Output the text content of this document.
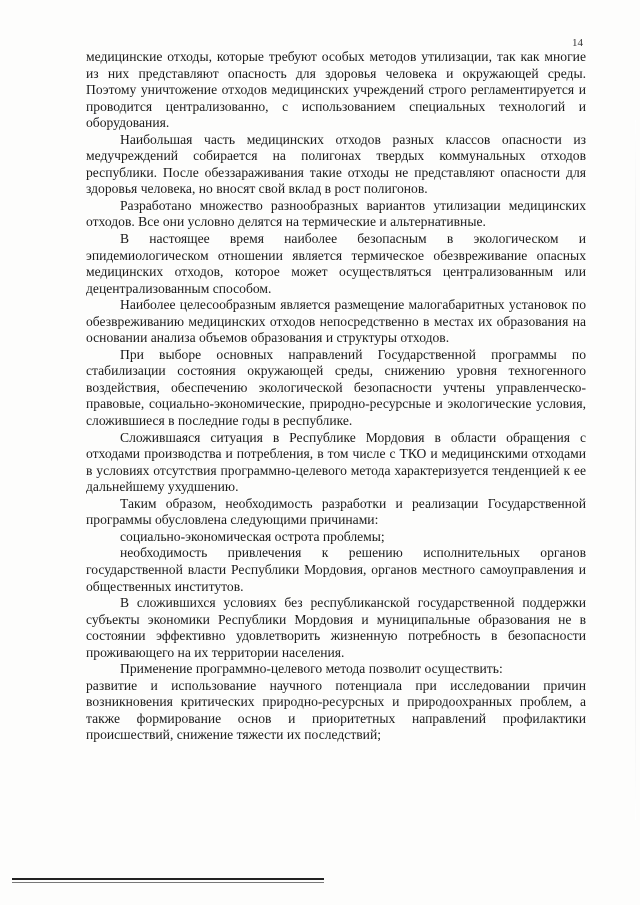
14

медицинские отходы, которые требуют особых методов утилизации, так как многие из них представляют опасность для здоровья человека и окружающей среды. Поэтому уничтожение отходов медицинских учреждений строго регламентируется и проводится централизованно, с использованием специальных технологий и оборудования.

Наибольшая часть медицинских отходов разных классов опасности из медучреждений собирается на полигонах твердых коммунальных отходов республики. После обеззараживания такие отходы не представляют опасности для здоровья человека, но вносят свой вклад в рост полигонов.

Разработано множество разнообразных вариантов утилизации медицинских отходов. Все они условно делятся на термические и альтернативные.

В настоящее время наиболее безопасным в экологическом и эпидемиологическом отношении является термическое обезвреживание опасных медицинских отходов, которое может осуществляться централизованным или децентрализованным способом.

Наиболее целесообразным является размещение малогабаритных установок по обезвреживанию медицинских отходов непосредственно в местах их образования на основании анализа объемов образования и структуры отходов.

При выборе основных направлений Государственной программы по стабилизации состояния окружающей среды, снижению уровня техногенного воздействия, обеспечению экологической безопасности учтены управленческо-правовые, социально-экономические, природно-ресурсные и экологические условия, сложившиеся в последние годы в республике.

Сложившаяся ситуация в Республике Мордовия в области обращения с отходами производства и потребления, в том числе с ТКО и медицинскими отходами в условиях отсутствия программно-целевого метода характеризуется тенденцией к ее дальнейшему ухудшению.

Таким образом, необходимость разработки и реализации Государственной программы обусловлена следующими причинами:

социально-экономическая острота проблемы;

необходимость привлечения к решению исполнительных органов государственной власти Республики Мордовия, органов местного самоуправления и общественных институтов.

В сложившихся условиях без республиканской государственной поддержки субъекты экономики Республики Мордовия и муниципальные образования не в состоянии эффективно удовлетворить жизненную потребность в безопасности проживающего на их территории населения.

Применение программно-целевого метода позволит осуществить:

развитие и использование научного потенциала при исследовании причин возникновения критических природно-ресурсных и природоохранных проблем, а также формирование основ и приоритетных направлений профилактики происшествий, снижение тяжести их последствий;
